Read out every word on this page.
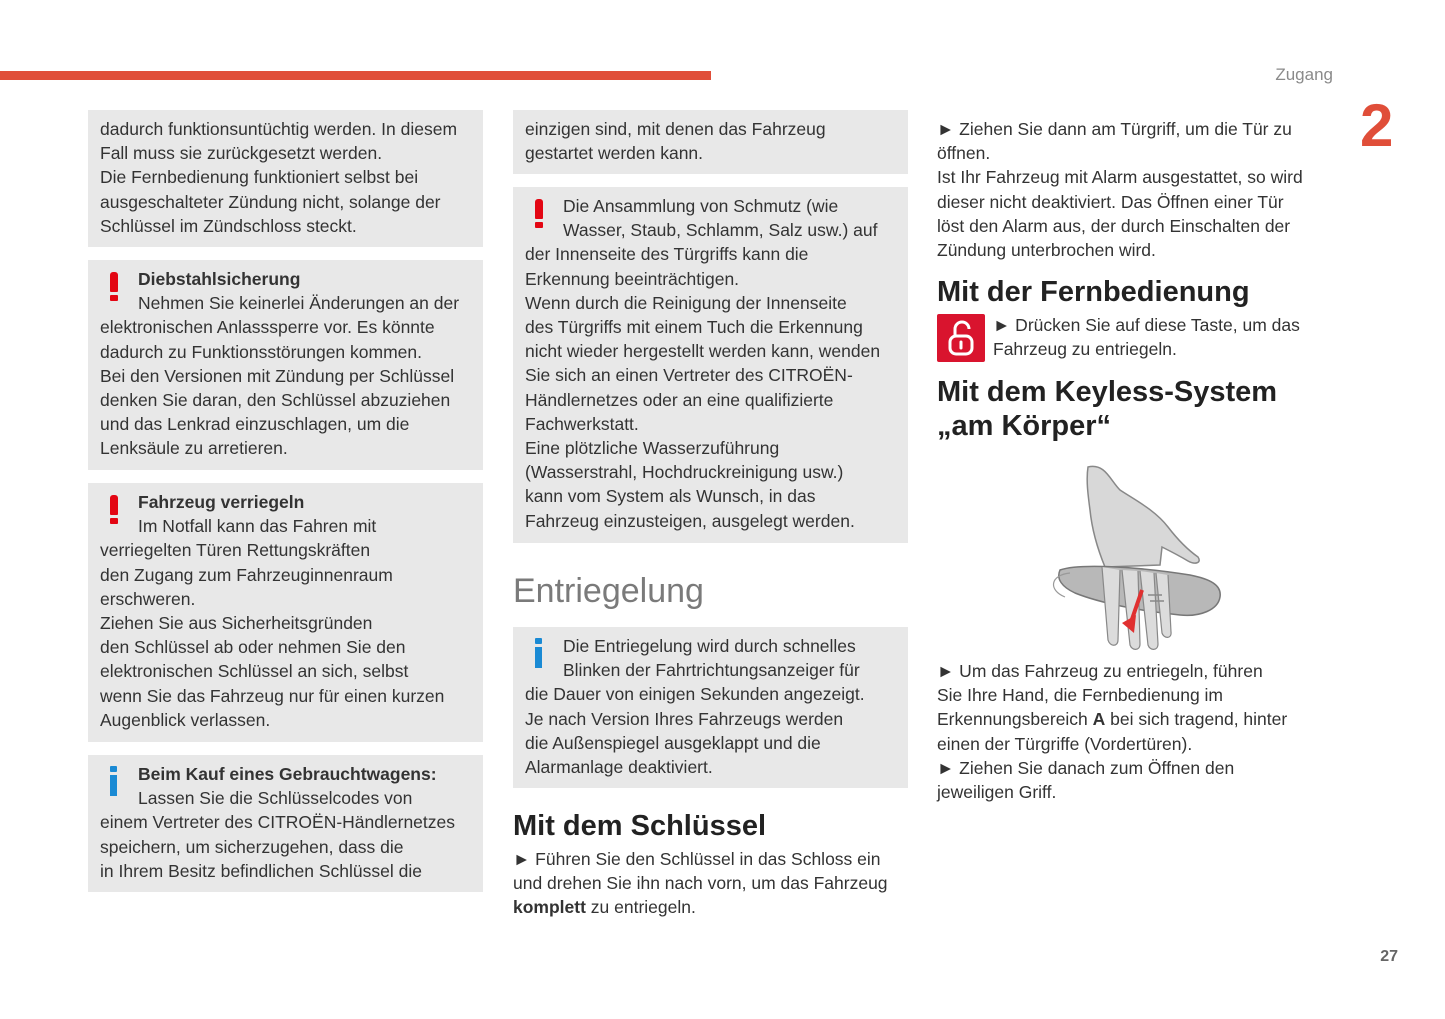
Zugang
2
27

dadurch funktionsuntüchtig werden. In diesem

Fall muss sie zurückgesetzt werden.

Die Fernbedienung funktioniert selbst bei

ausgeschalteter Zündung nicht, solange der

Schlüssel im Zündschloss steckt.

Diebstahlsicherung

Nehmen Sie keinerlei Änderungen an der

elektronischen Anlasssperre vor. Es könnte

dadurch zu Funktionsstörungen kommen.

Bei den Versionen mit Zündung per Schlüssel

denken Sie daran, den Schlüssel abzuziehen

und das Lenkrad einzuschlagen, um die

Lenksäule zu arretieren.

Fahrzeug verriegeln

Im Notfall kann das Fahren mit

verriegelten Türen Rettungskräften

den Zugang zum Fahrzeuginnenraum

erschweren.

Ziehen Sie aus Sicherheitsgründen

den Schlüssel ab oder nehmen Sie den

elektronischen Schlüssel an sich, selbst

wenn Sie das Fahrzeug nur für einen kurzen

Augenblick verlassen.

Beim Kauf eines Gebrauchtwagens:

Lassen Sie die Schlüsselcodes von

einem Vertreter des CITROËN-Händlernetzes

speichern, um sicherzugehen, dass die

in Ihrem Besitz befindlichen Schlüssel die

einzigen sind, mit denen das Fahrzeug

gestartet werden kann.

Die Ansammlung von Schmutz (wie

Wasser, Staub, Schlamm, Salz usw.) auf

der Innenseite des Türgriffs kann die

Erkennung beeinträchtigen.

Wenn durch die Reinigung der Innenseite

des Türgriffs mit einem Tuch die Erkennung

nicht wieder hergestellt werden kann, wenden

Sie sich an einen Vertreter des CITROËN-

Händlernetzes oder an eine qualifizierte

Fachwerkstatt.

Eine plötzliche Wasserzuführung

(Wasserstrahl, Hochdruckreinigung usw.)

kann vom System als Wunsch, in das

Fahrzeug einzusteigen, ausgelegt werden.

Entriegelung

Die Entriegelung wird durch schnelles

Blinken der Fahrtrichtungsanzeiger für

die Dauer von einigen Sekunden angezeigt.

Je nach Version Ihres Fahrzeugs werden

die Außenspiegel ausgeklappt und die

Alarmanlage deaktiviert.

Mit dem Schlüssel

► Führen Sie den Schlüssel in das Schloss ein

und drehen Sie ihn nach vorn, um das Fahrzeug

komplett zu entriegeln.

► Ziehen Sie dann am Türgriff, um die Tür zu

öffnen.

Ist Ihr Fahrzeug mit Alarm ausgestattet, so wird

dieser nicht deaktiviert. Das Öffnen einer Tür

löst den Alarm aus, der durch Einschalten der

Zündung unterbrochen wird.

Mit der Fernbedienung

► Drücken Sie auf diese Taste, um das

Fahrzeug zu entriegeln.

Mit dem Keyless-System
„am Körper“

► Um das Fahrzeug zu entriegeln, führen

Sie Ihre Hand, die Fernbedienung im

Erkennungsbereich A bei sich tragend, hinter

einen der Türgriffe (Vordertüren).

► Ziehen Sie danach zum Öffnen den

jeweiligen Griff.
